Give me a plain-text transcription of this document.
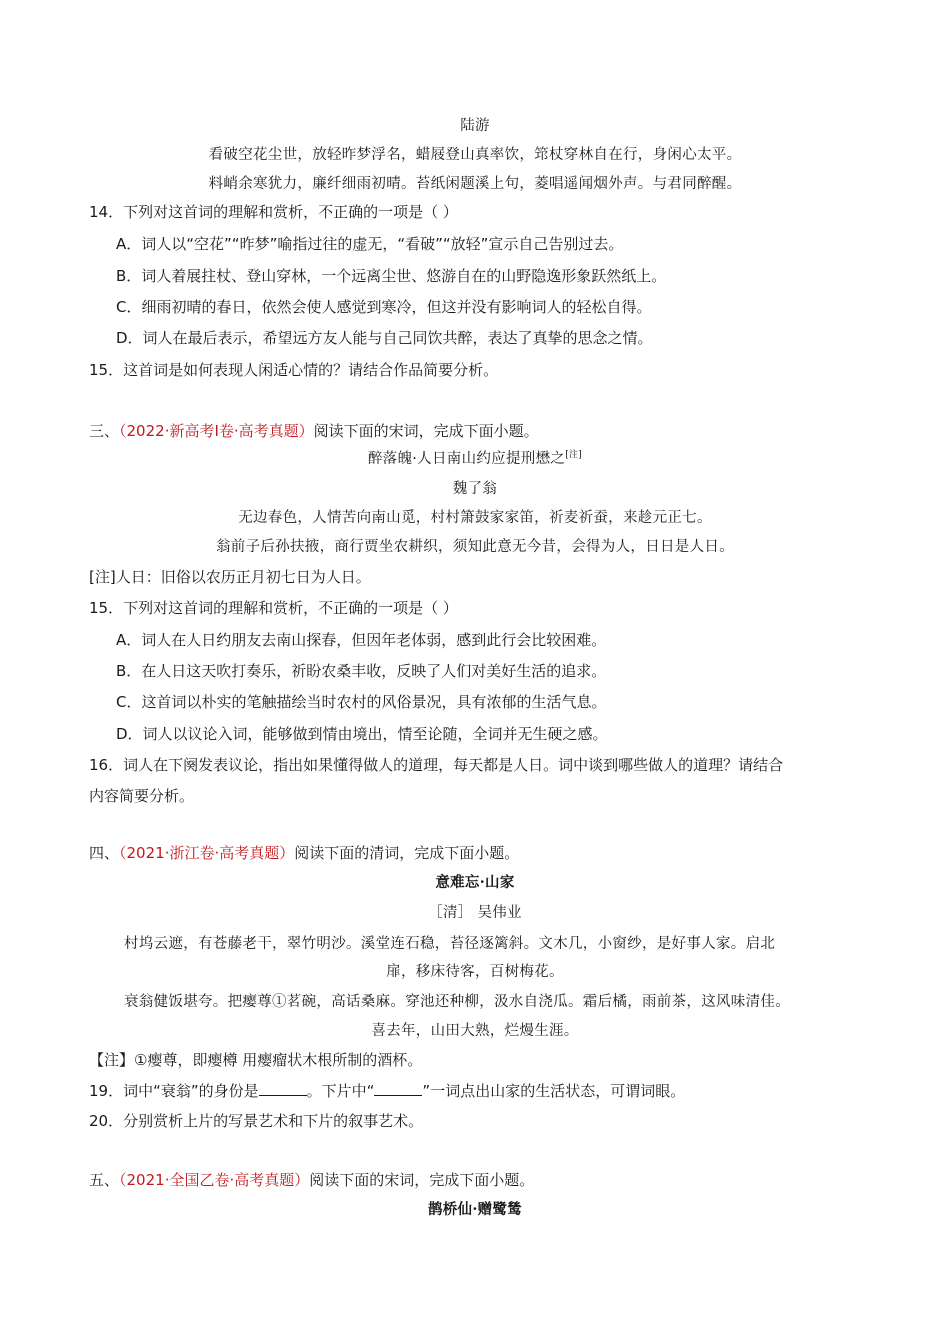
陆游
看破空花尘世，放轻昨梦浮名，蜡屐登山真率饮，筇杖穿林自在行，身闲心太平。
料峭余寒犹力，廉纤细雨初晴。苔纸闲题溪上句，菱唱遥闻烟外声。与君同醉醒。
14．下列对这首词的理解和赏析，不正确的一项是（ ）
A．词人以“空花”“昨梦”喻指过往的虚无，“看破”“放轻”宣示自己告别过去。
B．词人着展拄杖、登山穿林，一个远离尘世、悠游自在的山野隐逸形象跃然纸上。
C．细雨初晴的春日，依然会使人感觉到寒冷，但这并没有影响词人的轻松自得。
D．词人在最后表示，希望远方友人能与自己同饮共醉，表达了真挚的思念之情。
15．这首词是如何表现人闲适心情的？请结合作品简要分析。
三、（2022·新高考Ⅰ卷·高考真题）阅读下面的宋词，完成下面小题。
醉落魄·人日南山约应提刑懋之[注]
魏了翁
无边春色，人情苦向南山觅，村村箫鼓家家笛，祈麦祈蚕，来趁元正七。
翁前子后孙扶掖，商行贾坐农耕织，须知此意无今昔，会得为人，日日是人日。
[注]人日：旧俗以农历正月初七日为人日。
15．下列对这首词的理解和赏析，不正确的一项是（ ）
A．词人在人日约朋友去南山探春，但因年老体弱，感到此行会比较困难。
B．在人日这天吹打奏乐，祈盼农桑丰收，反映了人们对美好生活的追求。
C．这首词以朴实的笔触描绘当时农村的风俗景况，具有浓郁的生活气息。
D．词人以议论入词，能够做到情由境出，情至论随，全词并无生硬之感。
16．词人在下阕发表议论，指出如果懂得做人的道理，每天都是人日。词中谈到哪些做人的道理？请结合
内容简要分析。
四、（2021·浙江卷·高考真题）阅读下面的清词，完成下面小题。
意难忘·山家
［清］ 吴伟业
村坞云遮，有苍藤老干，翠竹明沙。溪堂连石稳，苔径逐篱斜。文木几，小窗纱，是好事人家。启北
扉，移床待客，百树梅花。
衰翁健饭堪夸。把瘿尊①茗碗，高话桑麻。穿池还种柳，汲水自浇瓜。霜后橘，雨前茶，这风味清佳。
喜去年，山田大熟，烂熳生涯。
【注】①瘿尊，即瘿樽 用瘿瘤状木根所制的酒杯。
19．词中“衰翁”的身份是	。下片中“	”一词点出山家的生活状态，可谓词眼。
20．分别赏析上片的写景艺术和下片的叙事艺术。
五、（2021·全国乙卷·高考真题）阅读下面的宋词，完成下面小题。
鹊桥仙·赠鹭鸶
